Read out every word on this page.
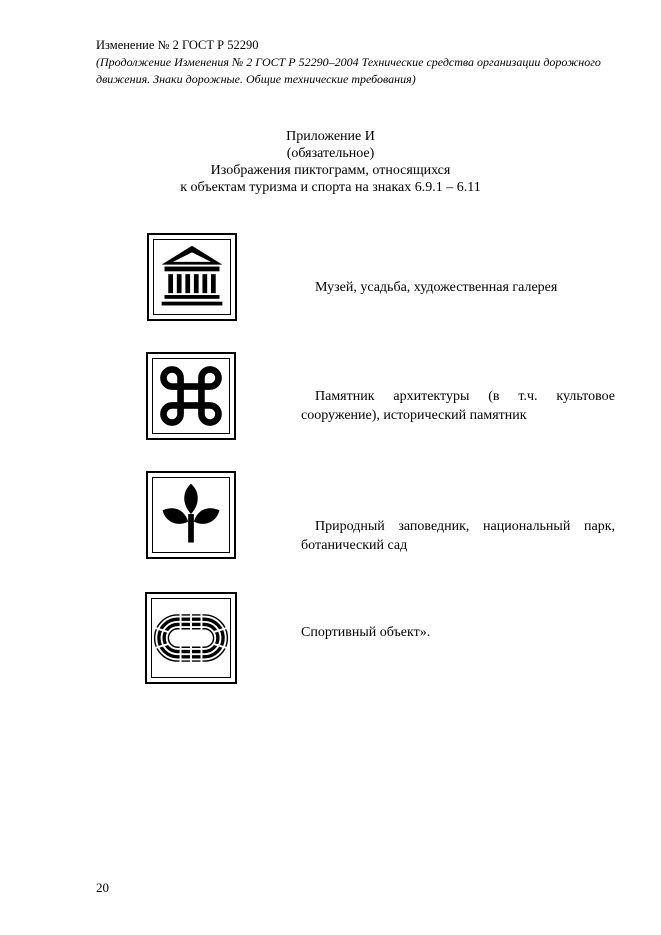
Изменение № 2 ГОСТ Р 52290
(Продолжение Изменения № 2 ГОСТ Р 52290–2004 Технические средства организации дорожного движения. Знаки дорожные. Общие технические требования)
Приложение И
(обязательное)
Изображения пиктограмм, относящихся
к объектам туризма и спорта на знаках 6.9.1 – 6.11
Музей, усадьба, художественная галерея
Памятник архитектуры (в т.ч. культовое сооружение), исторический памятник
Природный заповедник, национальный парк, ботанический сад
Спортивный объект».
20
